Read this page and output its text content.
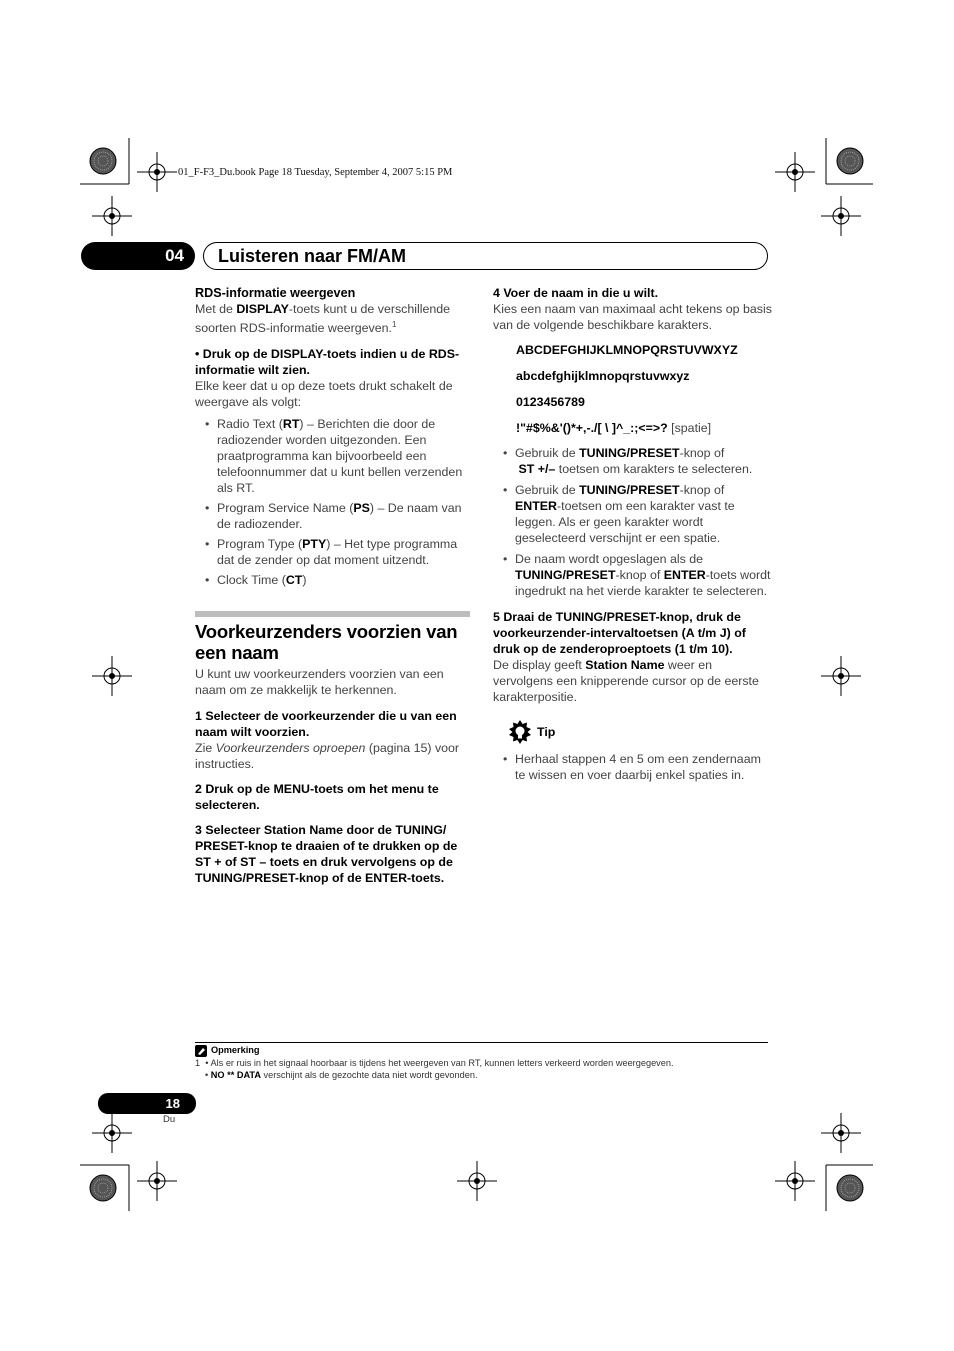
01_F-F3_Du.book Page 18 Tuesday, September 4, 2007 5:15 PM
04	Luisteren naar FM/AM

RDS-informatie weergeven

Met de DISPLAY-toets kunt u de verschillende soorten RDS-informatie weergeven.$^1$

• Druk op de DISPLAY-toets indien u de RDS-informatie wilt zien.

Elke keer dat u op deze toets drukt schakelt de weergave als volgt:

• Radio Text (RT) – Berichten die door de radiozender worden uitgezonden. Een praatprogramma kan bijvoorbeeld een telefoonnummer dat u kunt bellen verzenden als RT.

• Program Service Name (PS) – De naam van de radiozender.

• Program Type (PTY) – Het type programma dat de zender op dat moment uitzendt.

• Clock Time (CT)

Voorkeurzenders voorzien van een naam

U kunt uw voorkeurzenders voorzien van een naam om ze makkelijk te herkennen.

1 Selecteer de voorkeurzender die u van een naam wilt voorzien.

Zie Voorkeurzenders oproepen (pagina 15) voor instructies.

2 Druk op de MENU-toets om het menu te selecteren.

3 Selecteer Station Name door de TUNING/ PRESET-knop te draaien of te drukken op de ST + of ST – toets en druk vervolgens op de TUNING/PRESET-knop of de ENTER-toets.

4 Voer de naam in die u wilt.

Kies een naam van maximaal acht tekens op basis van de volgende beschikbare karakters.

ABCDEFGHIJKLMNOPQRSTUVWXYZ

abcdefghijklmnopqrstuvwxyz

0123456789

!"#$%&'()*+,-./[ \ ]^_:;<=>? [spatie]

• Gebruik de TUNING/PRESET-knop of
ST +/– toetsen om karakters te selecteren.

• Gebruik de TUNING/PRESET-knop of
ENTER-toetsen om een karakter vast te leggen. Als er geen karakter wordt geselecteerd verschijnt er een spatie.

• De naam wordt opgeslagen als de
TUNING/PRESET-knop of ENTER-toets wordt ingedrukt na het vierde karakter te selecteren.

5 Draai de TUNING/PRESET-knop, druk de voorkeurzender-intervaltoetsen (A t/m J) of druk op de zenderoproeptoets (1 t/m 10).

De display geeft Station Name weer en vervolgens een knipperende cursor op de eerste karakterpositie.

Tip

• Herhaal stappen 4 en 5 om een zendernaam te wissen en voer daarbij enkel spaties in.

Opmerking
1  • Als er ruis in het signaal hoorbaar is tijdens het weergeven van RT, kunnen letters verkeerd worden weergegeven.
• NO ** DATA verschijnt als de gezochte data niet wordt gevonden.
18
Du
